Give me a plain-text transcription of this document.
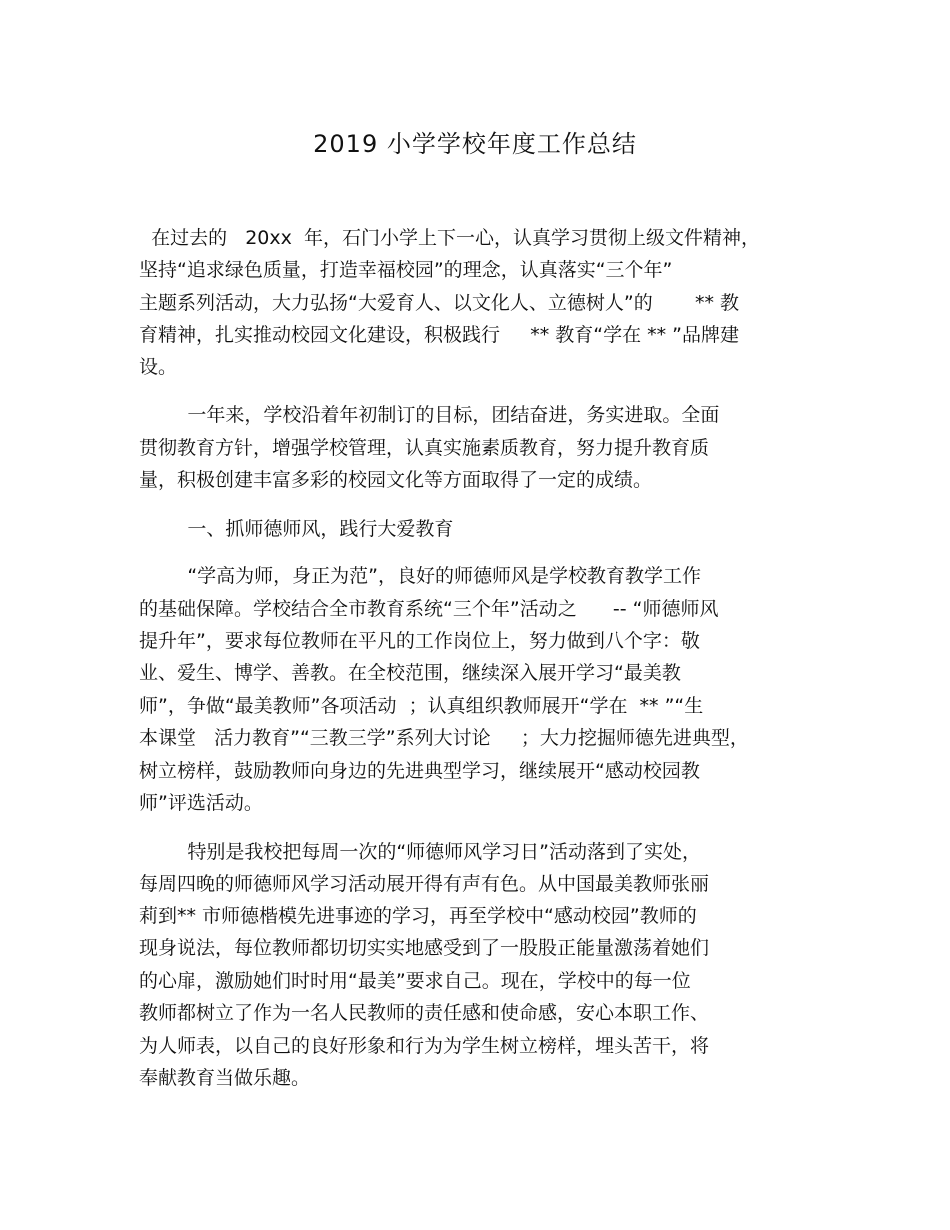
2019 小学学校年度工作总结
在过去的   20xx  年，石门小学上下一心，认真学习贯彻上级文件精神，
坚持“追求绿色质量，打造幸福校园”的理念，认真落实“三个年”
主题系列活动，大力弘扬“大爱育人、以文化人、立德树人”的       ** 教
育精神，扎实推动校园文化建设，积极践行     ** 教育“学在 ** ”品牌建
设。
一年来，学校沿着年初制订的目标，团结奋进，务实进取。全面
贯彻教育方针，增强学校管理，认真实施素质教育，努力提升教育质
量，积极创建丰富多彩的校园文化等方面取得了一定的成绩。
一、抓师德师风，践行大爱教育
“学高为师，身正为范”，良好的师德师风是学校教育教学工作
的基础保障。学校结合全市教育系统“三个年”活动之      -- “师德师风
提升年”，要求每位教师在平凡的工作岗位上，努力做到八个字：敬
业、爱生、博学、善教。在全校范围，继续深入展开学习“最美教
师”，争做“最美教师”各项活动  ；认真组织教师展开“学在  ** ”“生
本课堂   活力教育”“三教三学”系列大讨论     ；大力挖掘师德先进典型，
树立榜样，鼓励教师向身边的先进典型学习，继续展开“感动校园教
师”评选活动。
特别是我校把每周一次的“师德师风学习日”活动落到了实处，
每周四晚的师德师风学习活动展开得有声有色。从中国最美教师张丽
莉到** 市师德楷模先进事迹的学习，再至学校中“感动校园”教师的
现身说法，每位教师都切切实实地感受到了一股股正能量激荡着她们
的心扉，激励她们时时用“最美”要求自己。现在，学校中的每一位
教师都树立了作为一名人民教师的责任感和使命感，安心本职工作、
为人师表，以自己的良好形象和行为为学生树立榜样，埋头苦干，将
奉献教育当做乐趣。
